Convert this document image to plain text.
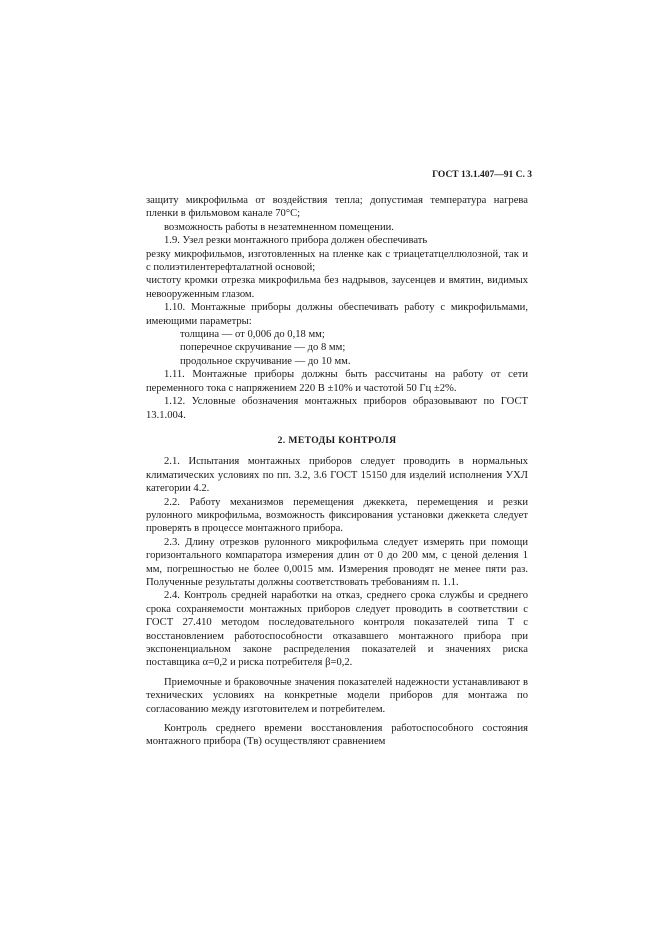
ГОСТ 13.1.407—91 С. 3

защиту микрофильма от воздействия тепла; допустимая температура нагрева пленки в фильмовом канале 70°С;

возможность работы в незатемненном помещении.

1.9. Узел резки монтажного прибора должен обеспечивать

резку микрофильмов, изготовленных на пленке как с триацетатцеллюлозной, так и с полиэтилентерефталатной основой;

чистоту кромки отрезка микрофильма без надрывов, заусенцев и вмятин, видимых невооруженным глазом.

1.10. Монтажные приборы должны обеспечивать работу с микрофильмами, имеющими параметры:

толщина — от 0,006 до 0,18 мм;

поперечное скручивание — до 8 мм;

продольное скручивание — до 10 мм.

1.11. Монтажные приборы должны быть рассчитаны на работу от сети переменного тока с напряжением 220 В ±10% и частотой 50 Гц ±2%.

1.12. Условные обозначения монтажных приборов образовывают по ГОСТ 13.1.004.

2. МЕТОДЫ КОНТРОЛЯ

2.1. Испытания монтажных приборов следует проводить в нормальных климатических условиях по пп. 3.2, 3.6 ГОСТ 15150 для изделий исполнения УХЛ категории 4.2.

2.2. Работу механизмов перемещения джеккета, перемещения и резки рулонного микрофильма, возможность фиксирования установки джеккета следует проверять в процессе монтажного прибора.

2.3. Длину отрезков рулонного микрофильма следует измерять при помощи горизонтального компаратора измерения длин от 0 до 200 мм, с ценой деления 1 мм, погрешностью не более 0,0015 мм. Измерения проводят не менее пяти раз. Полученные результаты должны соответствовать требованиям п. 1.1.

2.4. Контроль средней наработки на отказ, среднего срока службы и среднего срока сохраняемости монтажных приборов следует проводить в соответствии с ГОСТ 27.410 методом последовательного контроля показателей типа T с восстановлением работоспособности отказавшего монтажного прибора при экспоненциальном законе распределения показателей и значениях риска поставщика α=0,2 и риска потребителя β=0,2.

Приемочные и браковочные значения показателей надежности устанавливают в технических условиях на конкретные модели приборов для монтажа по согласованию между изготовителем и потребителем.

Контроль среднего времени восстановления работоспособного состояния монтажного прибора (Tв) осуществляют сравнением
